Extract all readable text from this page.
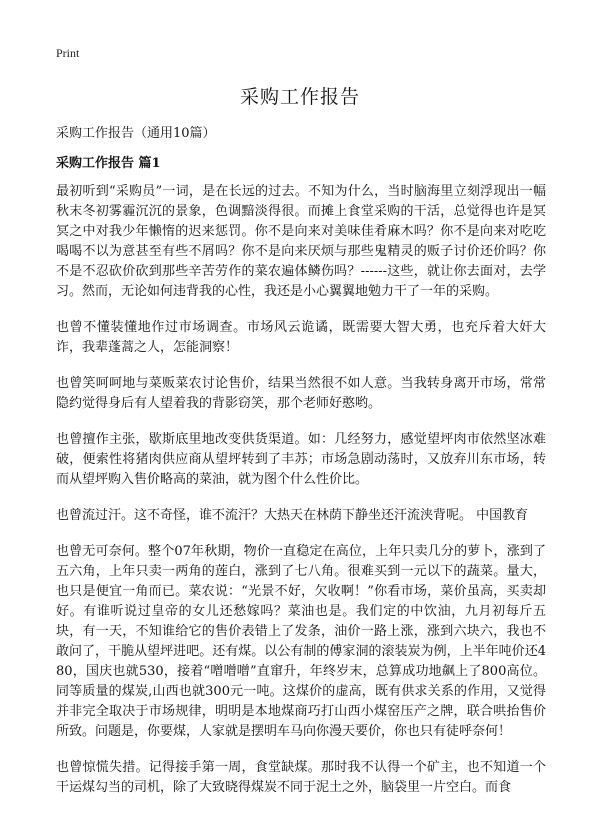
Print
采购工作报告

采购工作报告（通用10篇）

采购工作报告 篇1

最初听到“采购员”一词，是在长远的过去。不知为什么，当时脑海里立刻浮现出一幅秋末冬初雾霾沉沉的景象，色调黯淡得很。而摊上食堂采购的干活，总觉得也许是冥冥之中对我少年懒惰的迟来惩罚。你不是向来对美味佳肴麻木吗？你不是向来对吃吃喝喝不以为意甚至有些不屑吗？你不是向来厌烦与那些鬼精灵的贩子讨价还价吗？你不是不忍砍价砍到那些辛苦劳作的菜农遍体鳞伤吗？------这些，就让你去面对，去学习。然而，无论如何违背我的心性，我还是小心翼翼地勉力干了一年的采购。

也曾不懂装懂地作过市场调查。市场风云诡谲，既需要大智大勇，也充斥着大奸大诈，我辈蓬蒿之人，怎能洞察！

也曾笑呵呵地与菜贩菜农讨论售价，结果当然很不如人意。当我转身离开市场，常常隐约觉得身后有人望着我的背影窃笑，那个老师好憨哟。

也曾擅作主张，歇斯底里地改变供货渠道。如：几经努力，感觉望坪肉市依然坚冰难破，便索性将猪肉供应商从望坪转到了丰苏；市场急剧动荡时，又放弃川东市场，转而从望坪购入售价略高的菜油，就为图个什么性价比。

也曾流过汗。这不奇怪，谁不流汗？大热天在林荫下静坐还汗流浃背呢。 中国教育

也曾无可奈何。整个07年秋期，物价一直稳定在高位，上年只卖几分的萝卜，涨到了五六角，上年只卖一两角的莲白，涨到了七八角。很难买到一元以下的蔬菜。量大，也只是便宜一角而已。菜农说：“光景不好，欠收啊！”你看市场，菜价虽高，买卖却好。有谁听说过皇帝的女儿还愁嫁吗？菜油也是。我们定的中饮油，九月初每斤五块，有一天，不知谁给它的售价表错上了发条，油价一路上涨，涨到六块六，我也不敢问了，干脆从望坪进吧。还有煤。以公有制的傅家洞的滚装炭为例，上半年吨价还480，国庆也就530，接着“噌噌噌”直窜升，年终岁末，总算成功地飙上了800高位。同等质量的煤炭,山西也就300元一吨。这煤价的虚高，既有供求关系的作用，又觉得并非完全取决于市场规律，明明是本地煤商巧打山西小煤窑压产之牌，联合哄抬售价所致。问题是，你要煤，人家就是摆明车马向你漫天要价，你也只有徒呼奈何！

也曾惊慌失措。记得接手第一周，食堂缺煤。那时我不认得一个矿主，也不知道一个干运煤勾当的司机，除了大致晓得煤炭不同于泥土之外，脑袋里一片空白。而食
